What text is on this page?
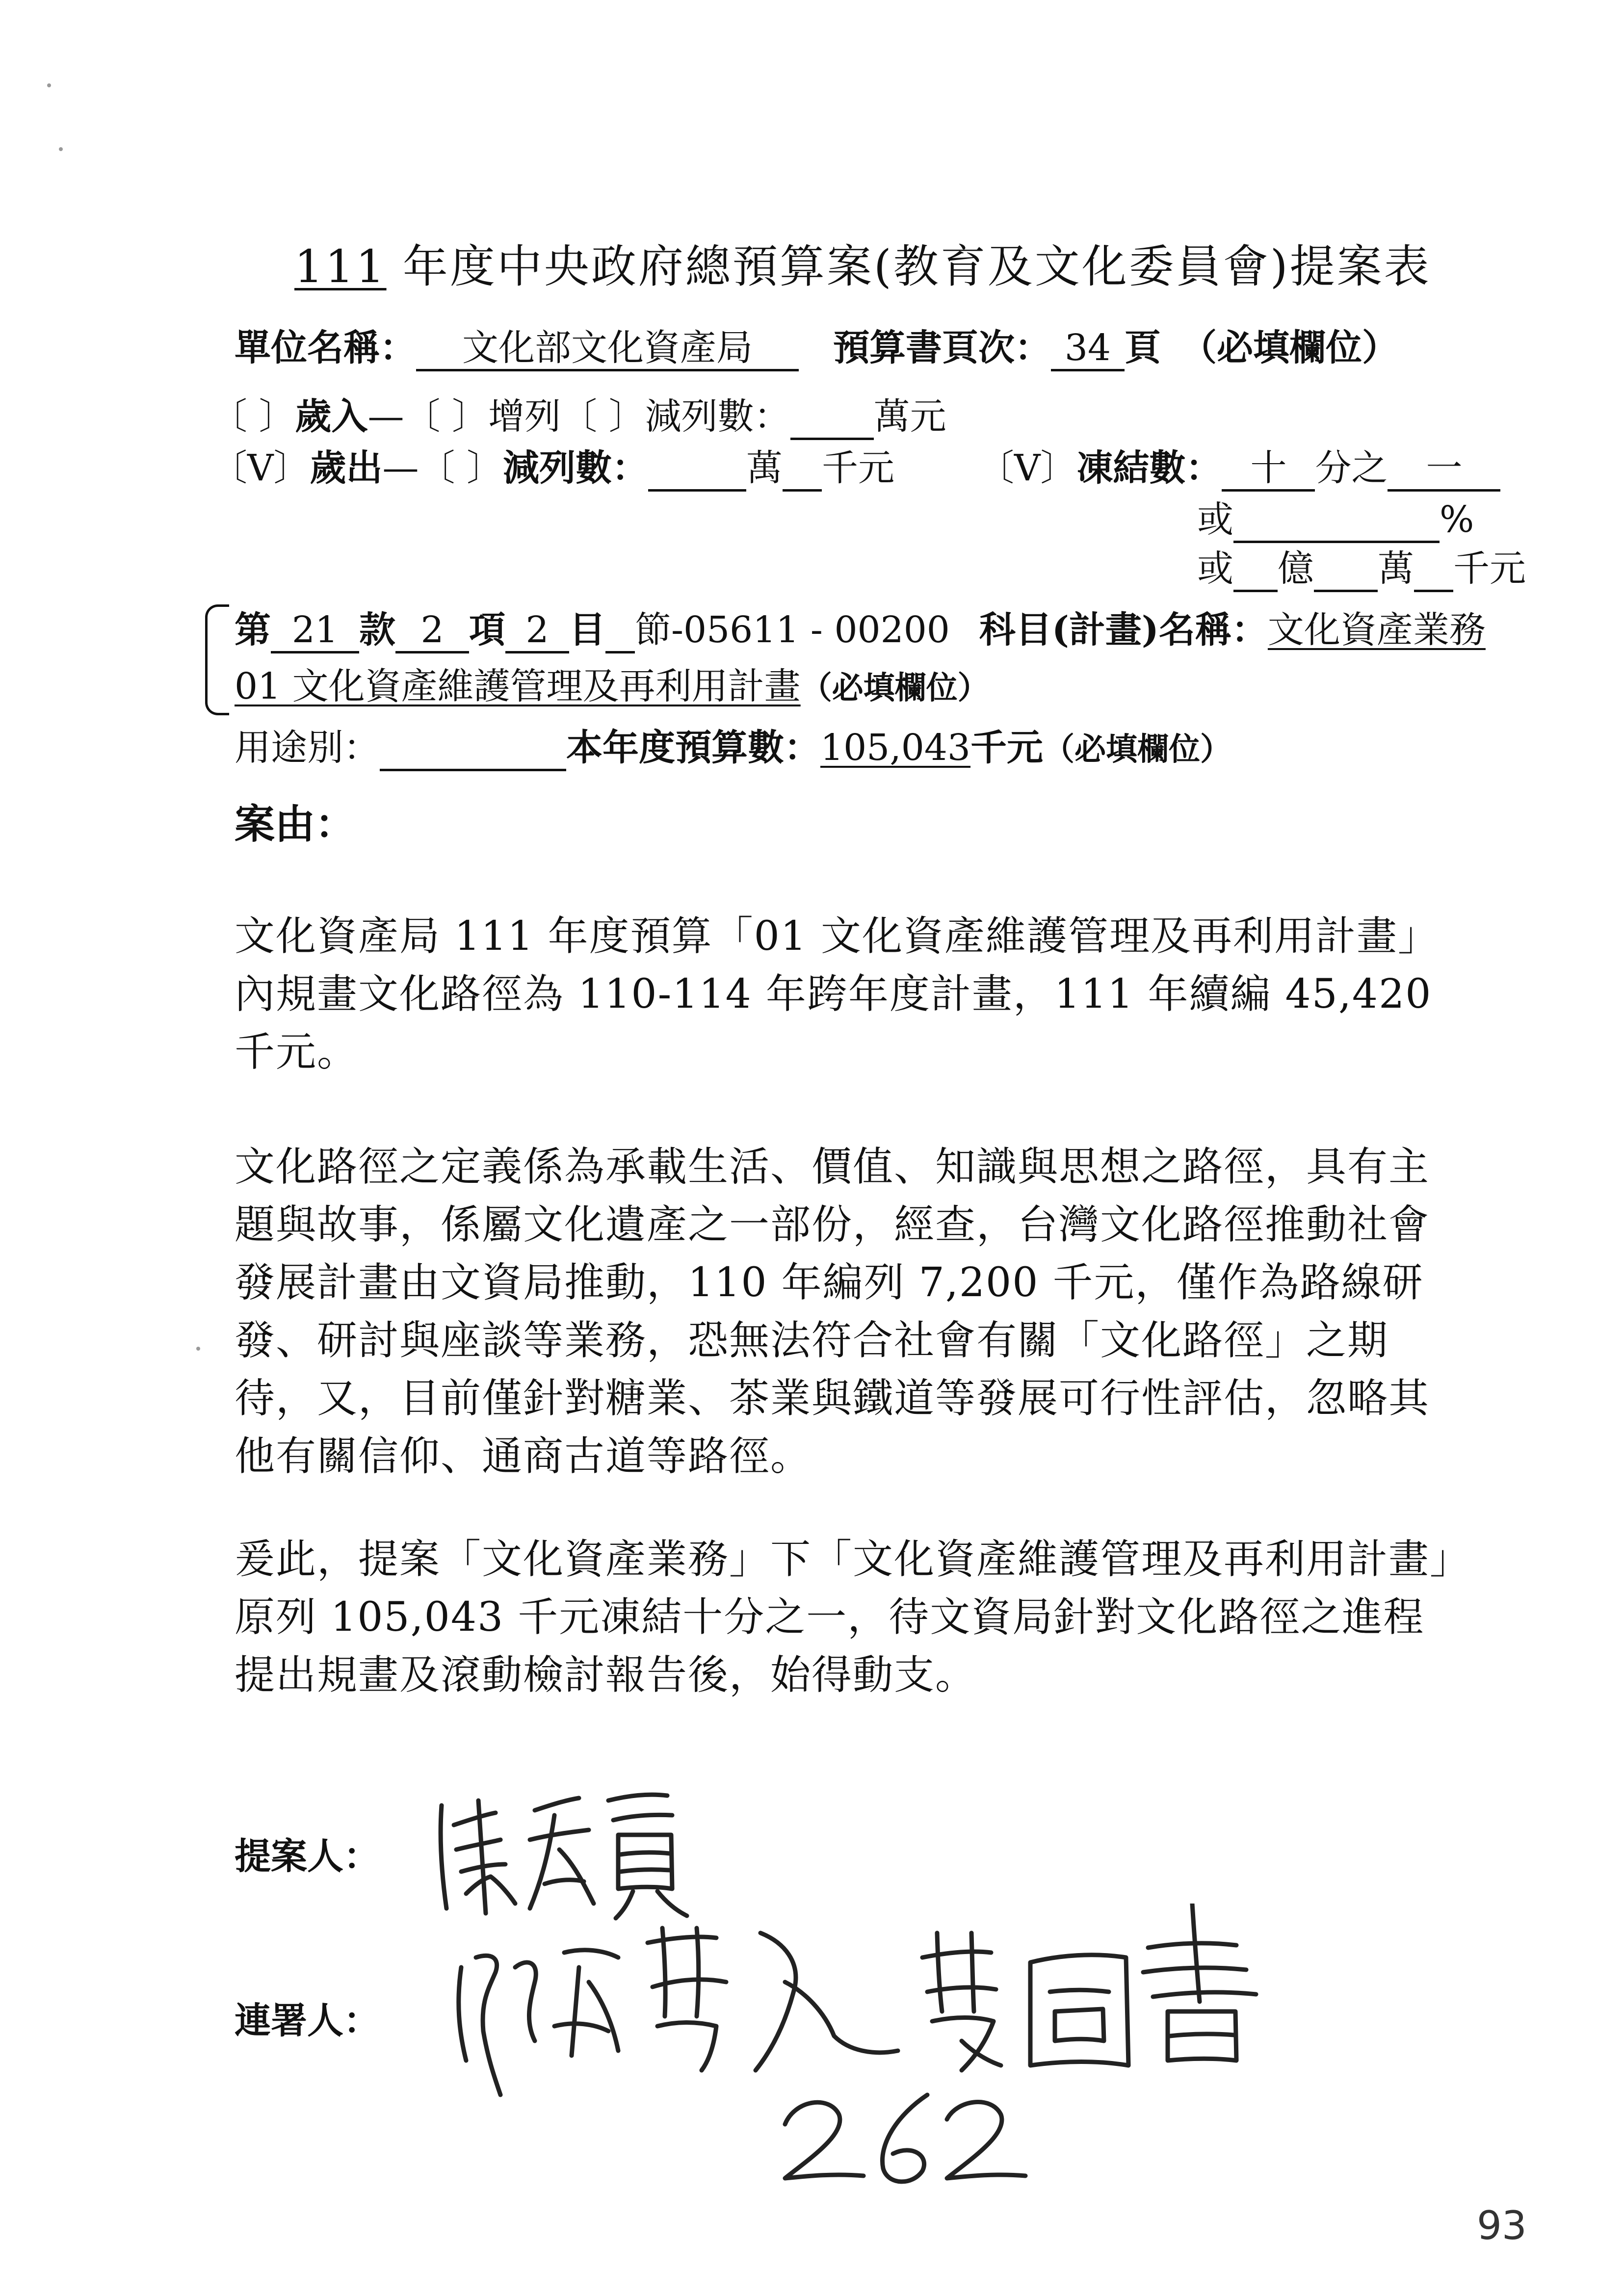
111 年度中央政府總預算案(教育及文化委員會)提案表
單位名稱： 文化部文化資產局 預算書頁次： 34 頁 （必填欄位）
〔 〕歲入—〔 〕增列〔 〕減列數： 萬元
〔V〕歲出—〔 〕減列數：	萬 千元 〔V〕凍結數： 十 分之 一
或	%
或 億 萬 千元
第 21 款 2 項 2 目 節-05611 - 00200 科目(計畫)名稱：文化資產業務
01 文化資產維護管理及再利用計畫（必填欄位）
用途別：	本年度預算數：105,043千元（必填欄位）
案由：
文化資產局 111 年度預算「01 文化資產維護管理及再利用計畫」內規畫文化路徑為 110-114 年跨年度計畫，111 年續編 45,420 千元。
文化路徑之定義係為承載生活、價值、知識與思想之路徑，具有主題與故事，係屬文化遺產之一部份，經查，台灣文化路徑推動社會發展計畫由文資局推動，110 年編列 7,200 千元，僅作為路線研發、研討與座談等業務，恐無法符合社會有關「文化路徑」之期待，又，目前僅針對糖業、茶業與鐵道等發展可行性評估，忽略其他有關信仰、通商古道等路徑。
爰此，提案「文化資產業務」下「文化資產維護管理及再利用計畫」原列 105,043 千元凍結十分之一，待文資局針對文化路徑之進程提出規畫及滾動檢討報告後，始得動支。
提案人：
連署人：
93
